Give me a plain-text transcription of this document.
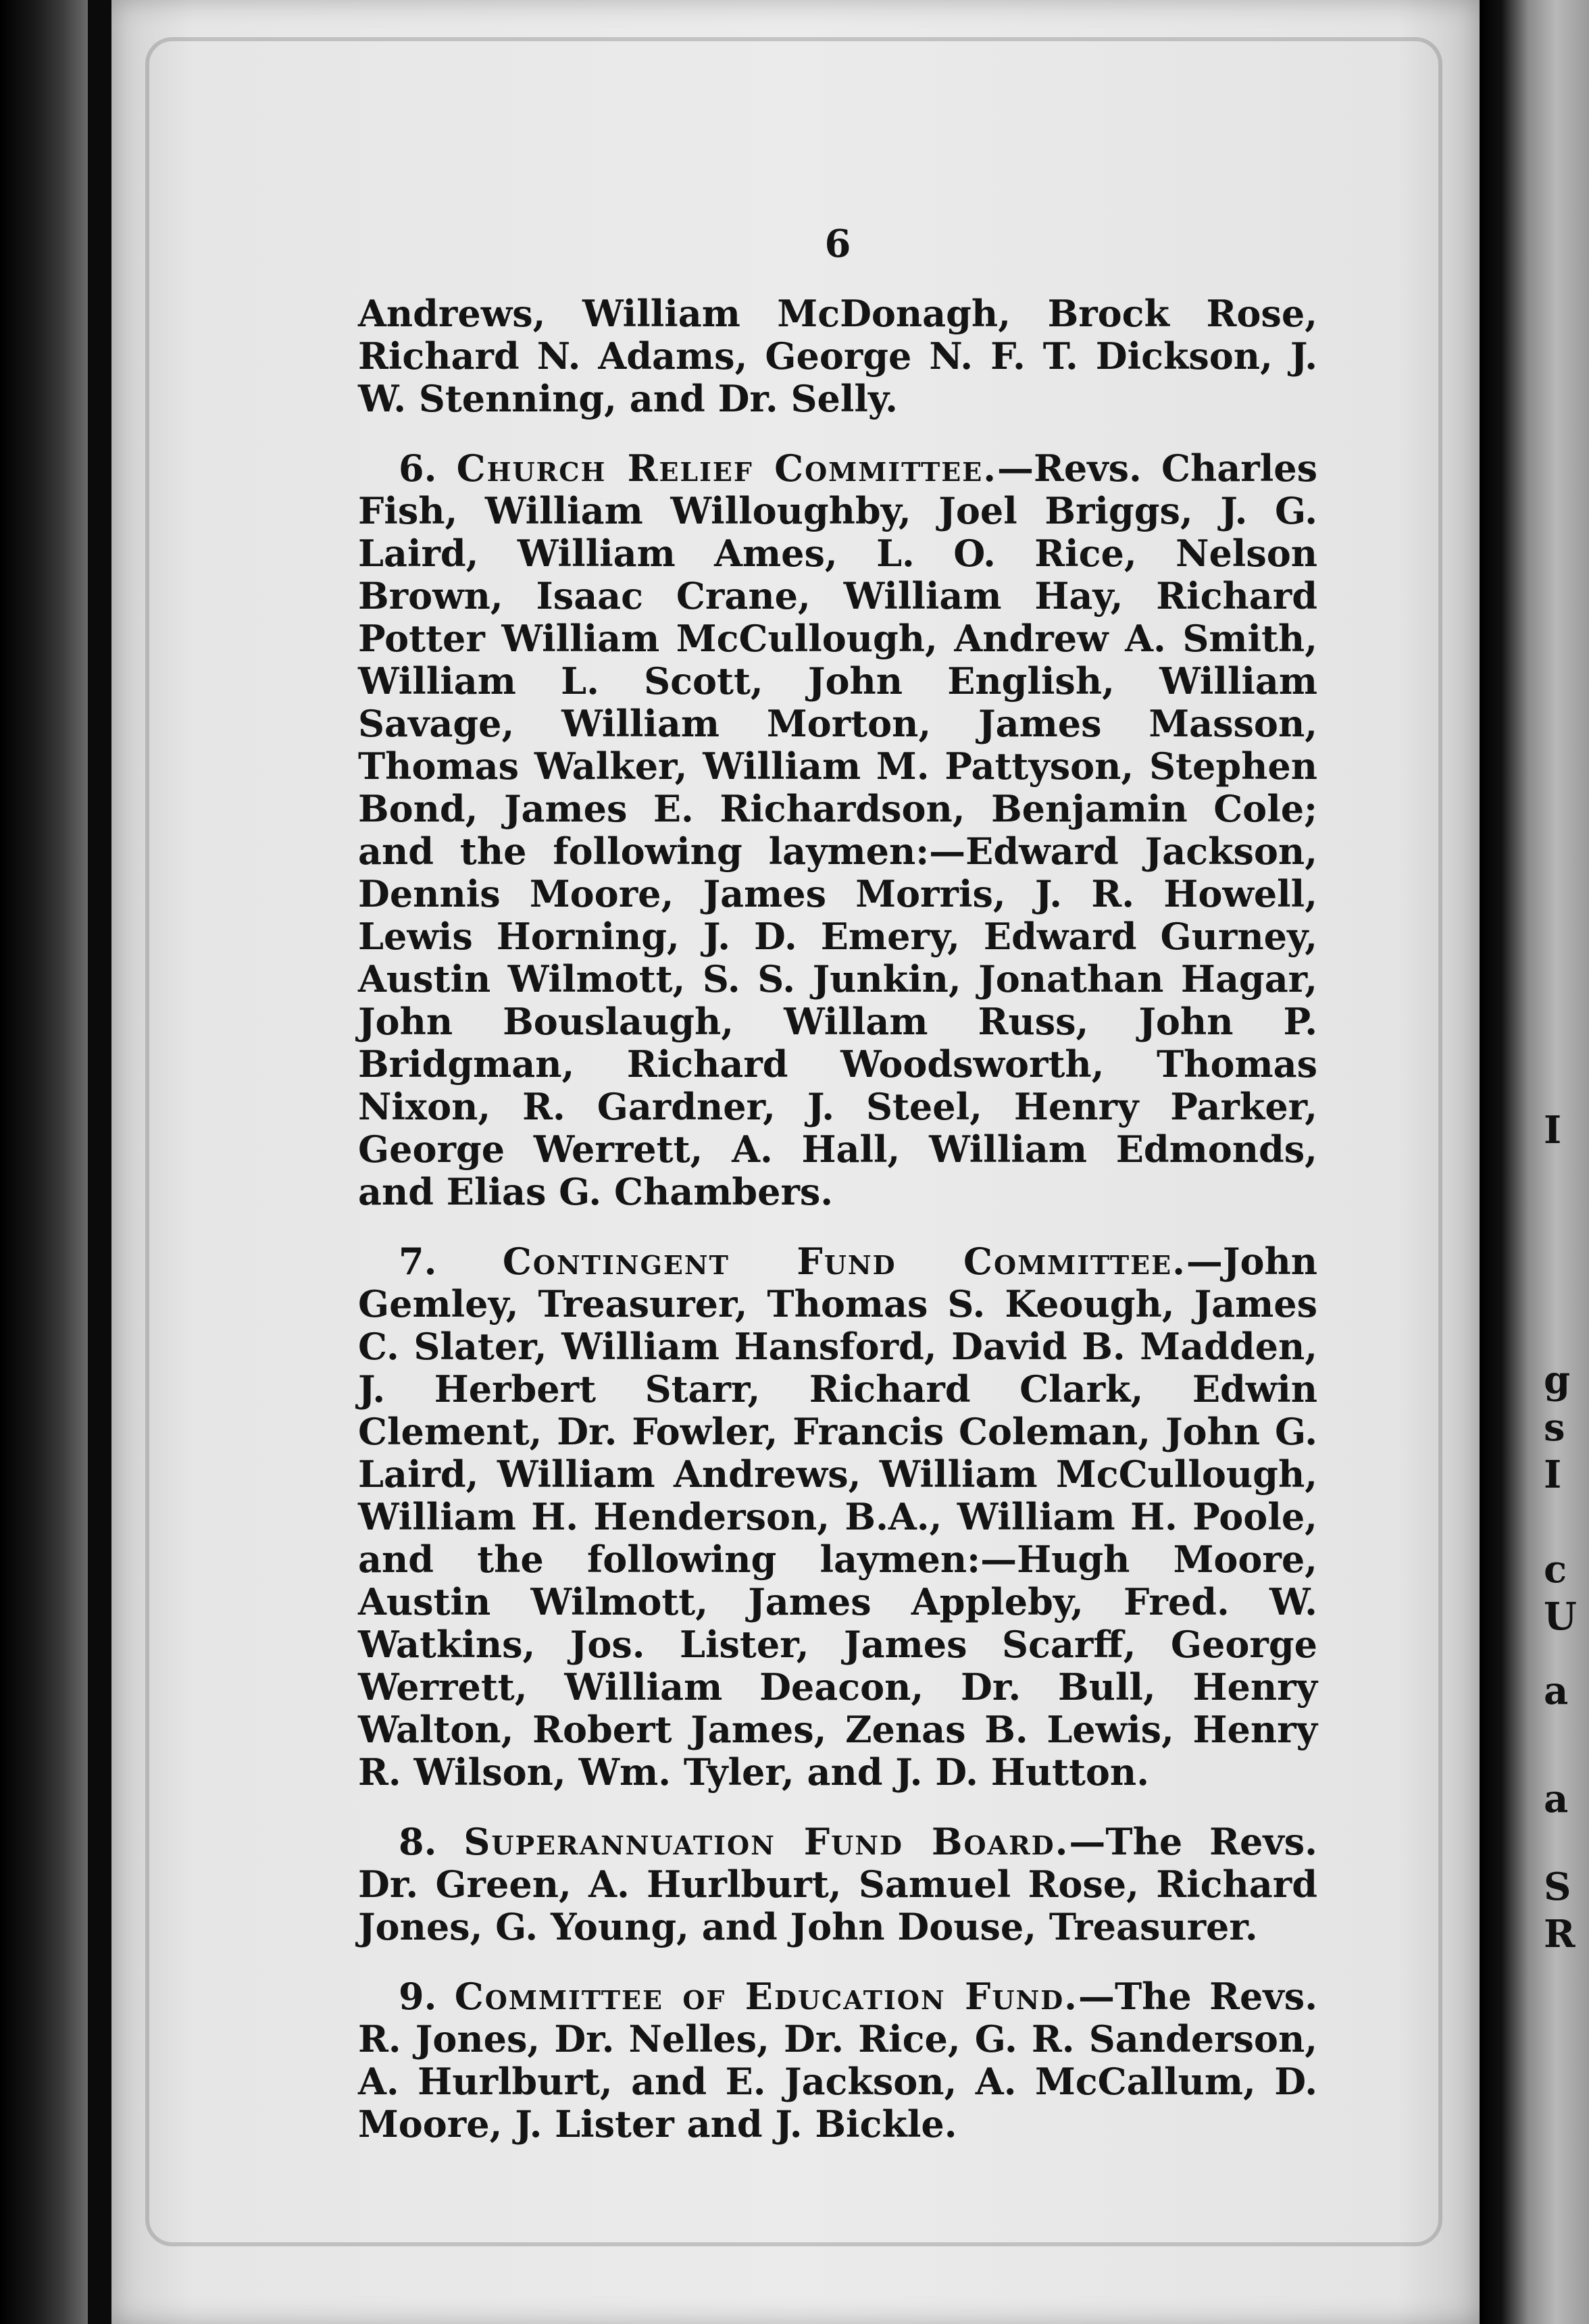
I
g
s
I
c
U
a
a
S
R
6

Andrews, William McDonagh, Brock Rose, Richard N. Adams, George N. F. T. Dickson, J. W. Stenning, and Dr. Selly.

6. Church Relief Committee.—Revs. Charles Fish, William Willoughby, Joel Briggs, J. G. Laird, William Ames, L. O. Rice, Nelson Brown, Isaac Crane, William Hay, Richard Potter William McCullough, Andrew A. Smith, William L. Scott, John English, William Savage, William Morton, James Masson, Thomas Walker, William M. Pattyson, Stephen Bond, James E. Richardson, Benjamin Cole; and the following laymen:—Edward Jackson, Dennis Moore, James Morris, J. R. Howell, Lewis Horning, J. D. Emery, Edward Gurney, Austin Wilmott, S. S. Junkin, Jonathan Hagar, John Bouslaugh, Willam Russ, John P. Bridgman, Richard Woodsworth, Thomas Nixon, R. Gardner, J. Steel, Henry Parker, George Werrett, A. Hall, William Edmonds, and Elias G. Chambers.

7. Contingent Fund Committee.—John Gemley, Treasurer, Thomas S. Keough, James C. Slater, William Hansford, David B. Madden, J. Herbert Starr, Richard Clark, Edwin Clement, Dr. Fowler, Francis Coleman, John G. Laird, William Andrews, William McCullough, William H. Henderson, B.A., William H. Poole, and the following laymen:—Hugh Moore, Austin Wilmott, James Appleby, Fred. W. Watkins, Jos. Lister, James Scarff, George Werrett, William Deacon, Dr. Bull, Henry Walton, Robert James, Zenas B. Lewis, Henry R. Wilson, Wm. Tyler, and J. D. Hutton.

8. Superannuation Fund Board.—The Revs. Dr. Green, A. Hurlburt, Samuel Rose, Richard Jones, G. Young, and John Douse, Treasurer.

9. Committee of Education Fund.—The Revs. R. Jones, Dr. Nelles, Dr. Rice, G. R. Sanderson, A. Hurlburt, and E. Jackson, A. McCallum, D. Moore, J. Lister and J. Bickle.
